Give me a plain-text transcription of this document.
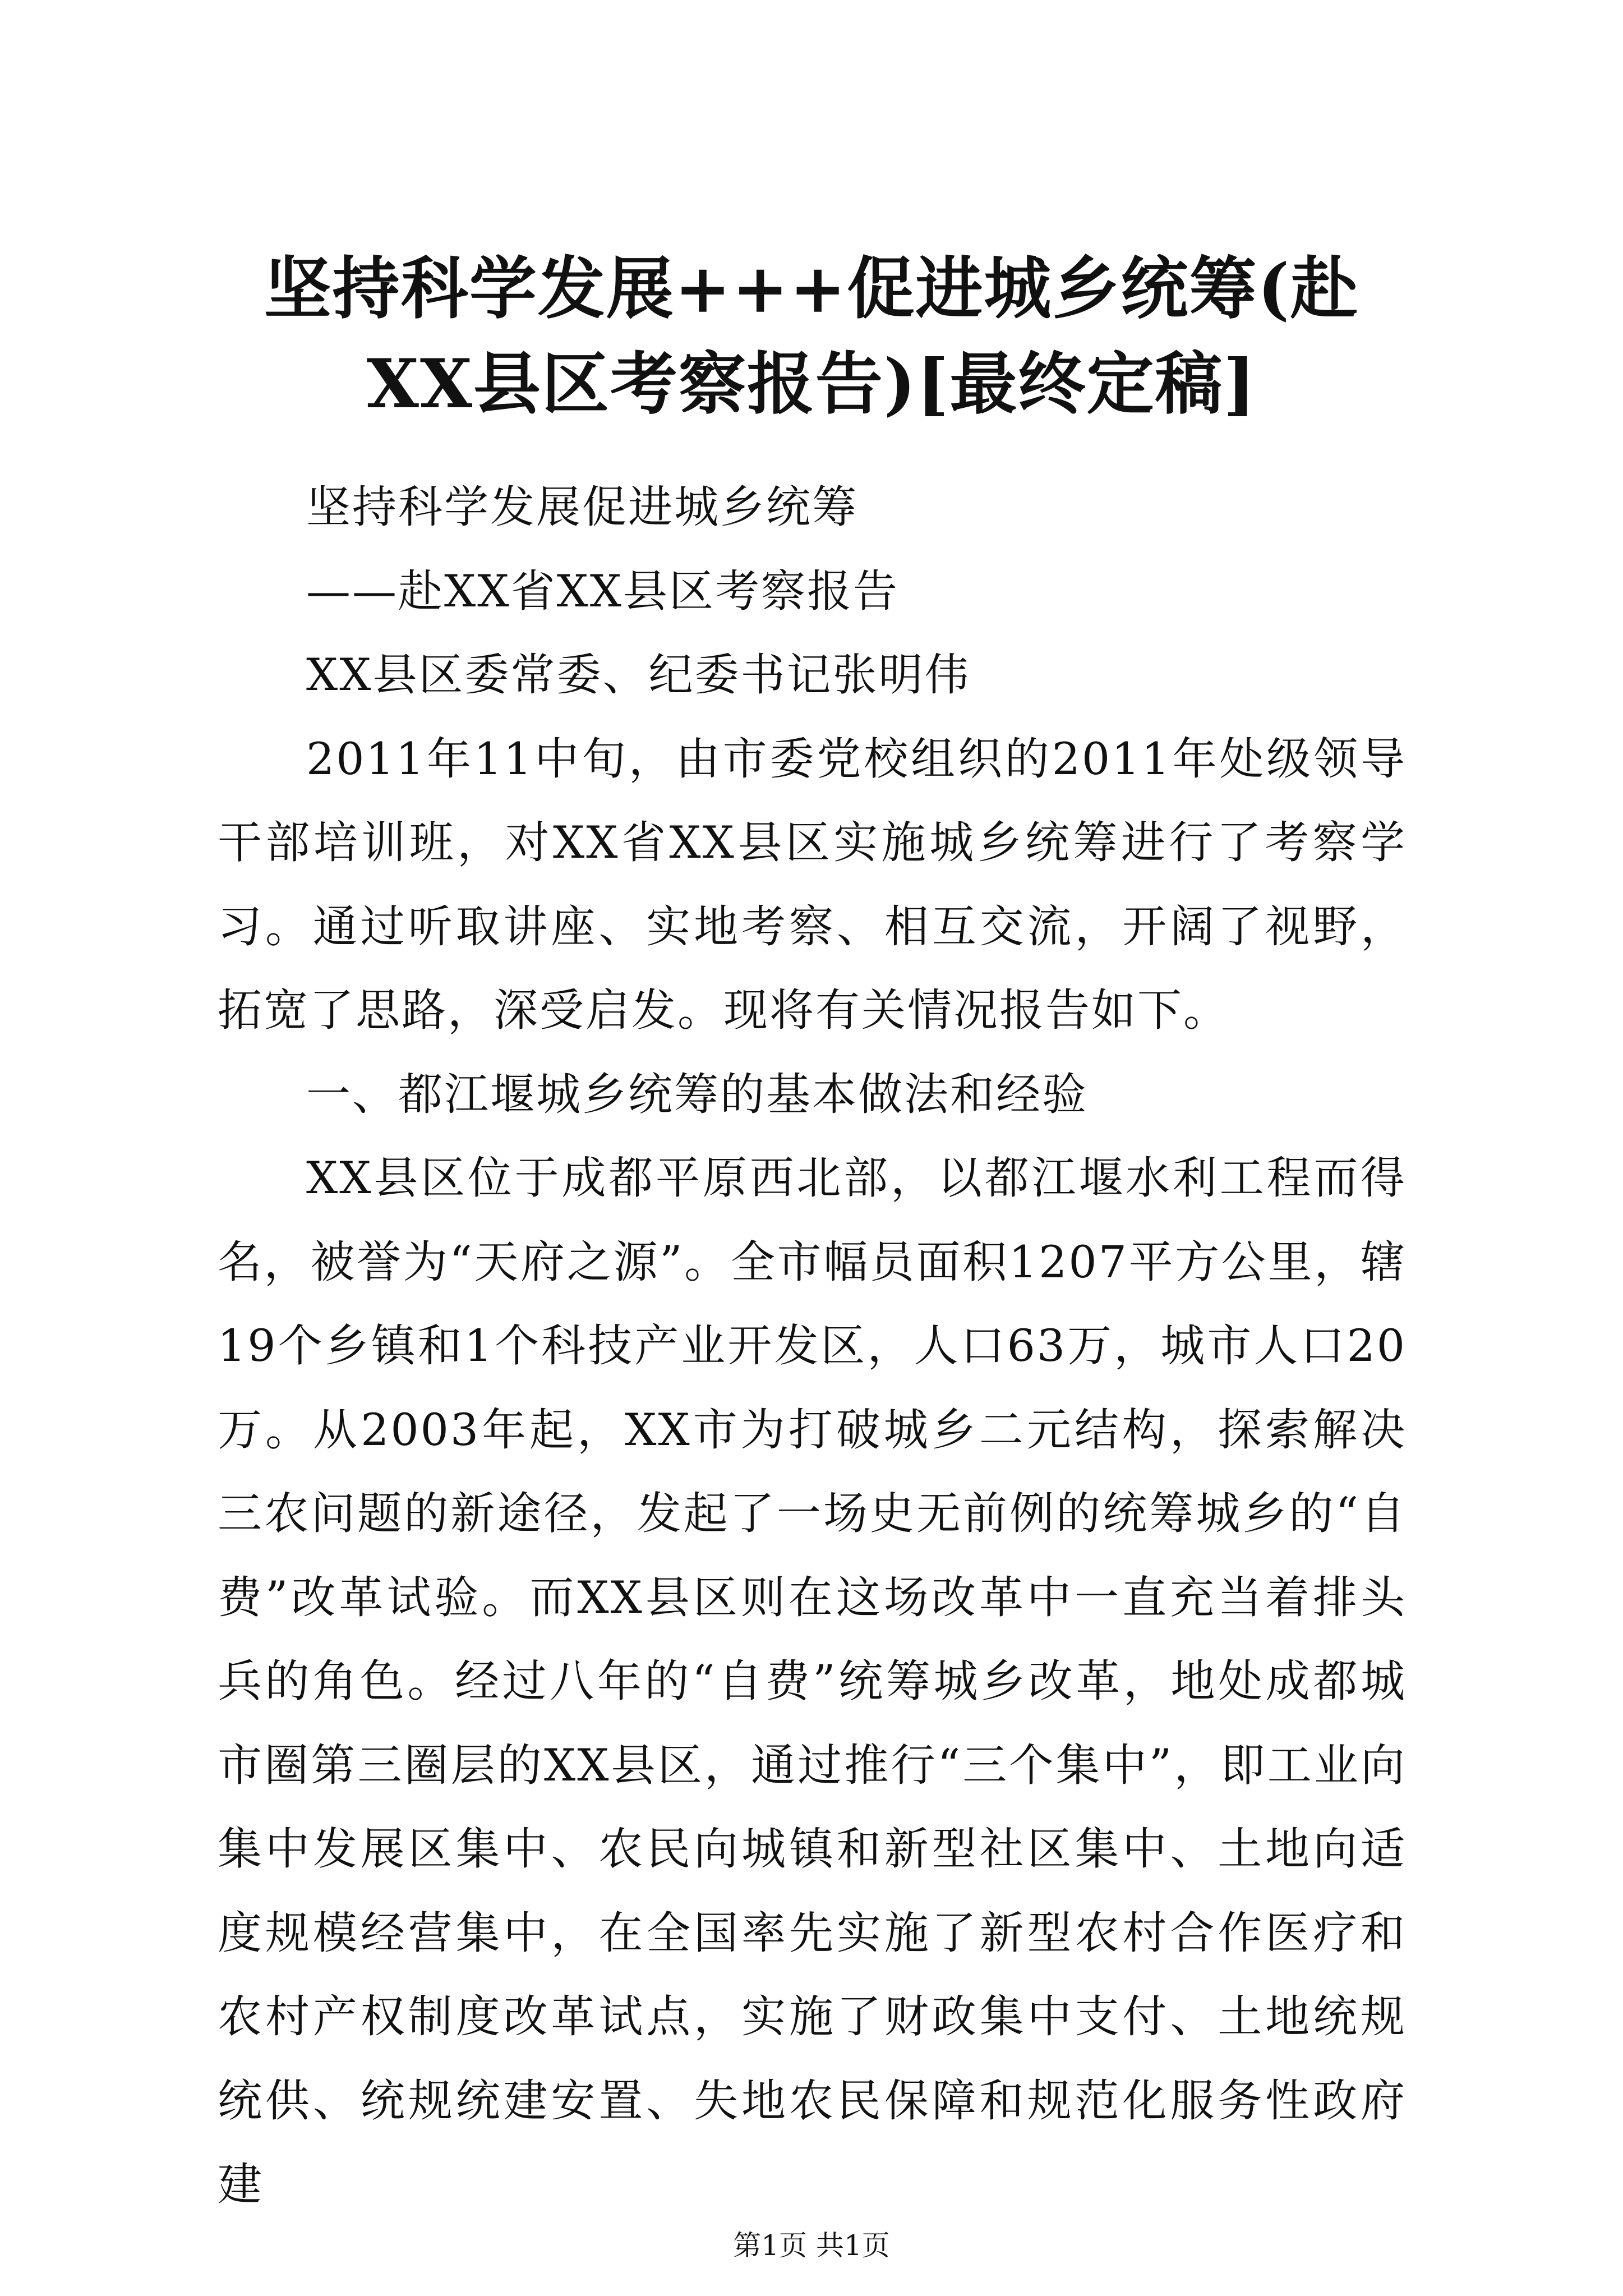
坚持科学发展+++促进城乡统筹(赴XX县区考察报告)[最终定稿]

坚持科学发展促进城乡统筹

——赴XX省XX县区考察报告

XX县区委常委、纪委书记张明伟

2011年11中旬，由市委党校组织的2011年处级领导干部培训班，对XX省XX县区实施城乡统筹进行了考察学习。通过听取讲座、实地考察、相互交流，开阔了视野，拓宽了思路，深受启发。现将有关情况报告如下。

一、都江堰城乡统筹的基本做法和经验

XX县区位于成都平原西北部，以都江堰水利工程而得名，被誉为“天府之源”。全市幅员面积1207平方公里，辖19个乡镇和1个科技产业开发区，人口63万，城市人口20万。从2003年起，XX市为打破城乡二元结构，探索解决三农问题的新途径，发起了一场史无前例的统筹城乡的“自费”改革试验。而XX县区则在这场改革中一直充当着排头兵的角色。经过八年的“自费”统筹城乡改革，地处成都城市圈第三圈层的XX县区，通过推行“三个集中”，即工业向集中发展区集中、农民向城镇和新型社区集中、土地向适度规模经营集中，在全国率先实施了新型农村合作医疗和农村产权制度改革试点，实施了财政集中支付、土地统规统供、统规统建安置、失地农民保障和规范化服务性政府建

第1页 共1页
